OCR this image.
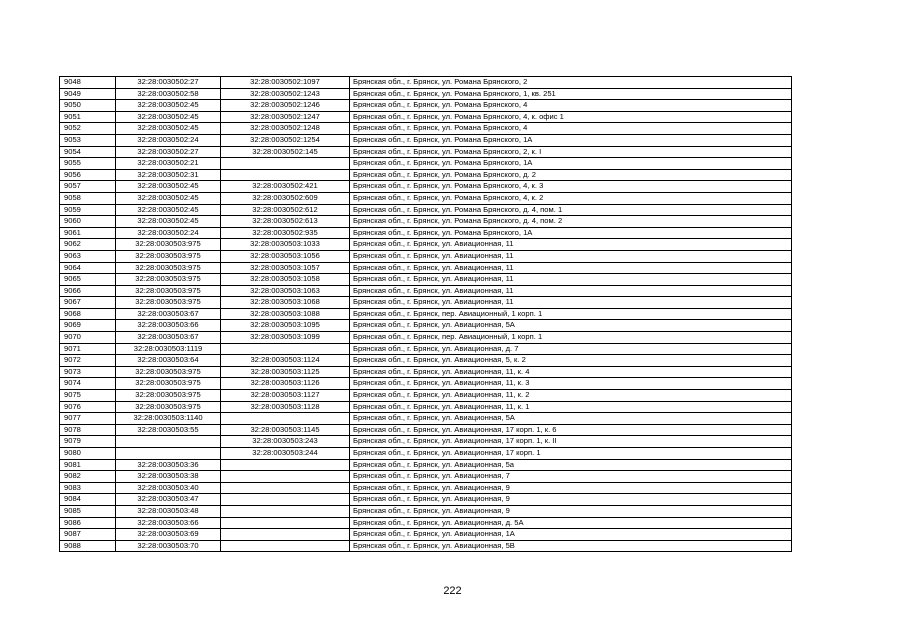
9048	32:28:0030502:27	32:28:0030502:1097	Брянская обл., г. Брянск, ул. Романа Брянского, 2
9049	32:28:0030502:58	32:28:0030502:1243	Брянская обл., г. Брянск, ул. Романа Брянского, 1, кв. 251
9050	32:28:0030502:45	32:28:0030502:1246	Брянская обл., г. Брянск, ул. Романа Брянского, 4
9051	32:28:0030502:45	32:28:0030502:1247	Брянская обл., г. Брянск, ул. Романа Брянского, 4, к. офис 1
9052	32:28:0030502:45	32:28:0030502:1248	Брянская обл., г. Брянск, ул. Романа Брянского, 4
9053	32:28:0030502:24	32:28:0030502:1254	Брянская обл., г. Брянск, ул. Романа Брянского, 1А
9054	32:28:0030502:27	32:28:0030502:145	Брянская обл., г. Брянск, ул. Романа Брянского, 2, к. I
9055	32:28:0030502:21		Брянская обл., г. Брянск, ул. Романа Брянского, 1А
9056	32:28:0030502:31		Брянская обл., г. Брянск, ул. Романа Брянского, д. 2
9057	32:28:0030502:45	32:28:0030502:421	Брянская обл., г. Брянск, ул. Романа Брянского, 4, к. 3
9058	32:28:0030502:45	32:28:0030502:609	Брянская обл., г. Брянск, ул. Романа Брянского, 4, к. 2
9059	32:28:0030502:45	32:28:0030502:612	Брянская обл., г. Брянск, ул. Романа Брянского, д. 4, пом. 1
9060	32:28:0030502:45	32:28:0030502:613	Брянская обл., г. Брянск, ул. Романа Брянского, д. 4, пом. 2
9061	32:28:0030502:24	32:28:0030502:935	Брянская обл., г. Брянск, ул. Романа Брянского, 1А
9062	32:28:0030503:975	32:28:0030503:1033	Брянская обл., г. Брянск, ул. Авиационная, 11
9063	32:28:0030503:975	32:28:0030503:1056	Брянская обл., г. Брянск, ул. Авиационная, 11
9064	32:28:0030503:975	32:28:0030503:1057	Брянская обл., г. Брянск, ул. Авиационная, 11
9065	32:28:0030503:975	32:28:0030503:1058	Брянская обл., г. Брянск, ул. Авиационная, 11
9066	32:28:0030503:975	32:28:0030503:1063	Брянская обл., г. Брянск, ул. Авиационная, 11
9067	32:28:0030503:975	32:28:0030503:1068	Брянская обл., г. Брянск, ул. Авиационная, 11
9068	32:28:0030503:67	32:28:0030503:1088	Брянская обл., г. Брянск, пер. Авиационный, 1 корп. 1
9069	32:28:0030503:66	32:28:0030503:1095	Брянская обл., г. Брянск, ул. Авиационная, 5А
9070	32:28:0030503:67	32:28:0030503:1099	Брянская обл., г. Брянск, пер. Авиационный, 1 корп. 1
9071	32:28:0030503:1119		Брянская обл., г. Брянск, ул. Авиационная, д. 7
9072	32:28:0030503:64	32:28:0030503:1124	Брянская обл., г. Брянск, ул. Авиационная, 5, к. 2
9073	32:28:0030503:975	32:28:0030503:1125	Брянская обл., г. Брянск, ул. Авиационная, 11, к. 4
9074	32:28:0030503:975	32:28:0030503:1126	Брянская обл., г. Брянск, ул. Авиационная, 11, к. 3
9075	32:28:0030503:975	32:28:0030503:1127	Брянская обл., г. Брянск, ул. Авиационная, 11, к. 2
9076	32:28:0030503:975	32:28:0030503:1128	Брянская обл., г. Брянск, ул. Авиационная, 11, к. 1
9077	32:28:0030503:1140		Брянская обл., г. Брянск, ул. Авиационная, 5А
9078	32:28:0030503:55	32:28:0030503:1145	Брянская обл., г. Брянск, ул. Авиационная, 17 корп. 1, к. 6
9079		32:28:0030503:243	Брянская обл., г. Брянск, ул. Авиационная, 17 корп. 1, к. II
9080		32:28:0030503:244	Брянская обл., г. Брянск, ул. Авиационная, 17 корп. 1
9081	32:28:0030503:36		Брянская обл., г. Брянск, ул. Авиационная, 5а
9082	32:28:0030503:38		Брянская обл., г. Брянск, ул. Авиационная, 7
9083	32:28:0030503:40		Брянская обл., г. Брянск, ул. Авиационная, 9
9084	32:28:0030503:47		Брянская обл., г. Брянск, ул. Авиационная, 9
9085	32:28:0030503:48		Брянская обл., г. Брянск, ул. Авиационная, 9
9086	32:28:0030503:66		Брянская обл., г. Брянск, ул. Авиационная, д. 5А
9087	32:28:0030503:69		Брянская обл., г. Брянск, ул. Авиационная, 1А
9088	32:28:0030503:70		Брянская обл., г. Брянск, ул. Авиационная, 5В
222
